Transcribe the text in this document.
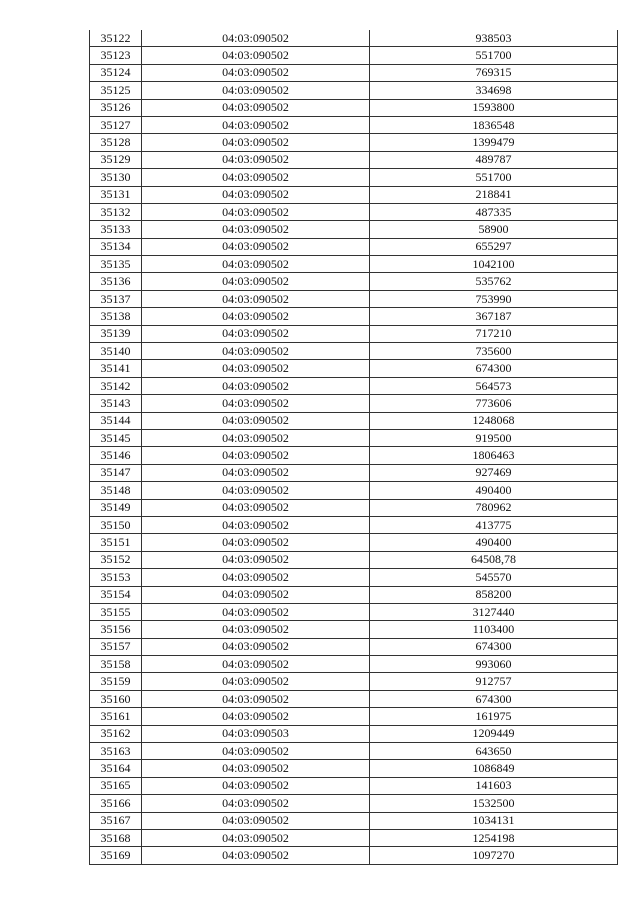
35122	04:03:090502	938503
35123	04:03:090502	551700
35124	04:03:090502	769315
35125	04:03:090502	334698
35126	04:03:090502	1593800
35127	04:03:090502	1836548
35128	04:03:090502	1399479
35129	04:03:090502	489787
35130	04:03:090502	551700
35131	04:03:090502	218841
35132	04:03:090502	487335
35133	04:03:090502	58900
35134	04:03:090502	655297
35135	04:03:090502	1042100
35136	04:03:090502	535762
35137	04:03:090502	753990
35138	04:03:090502	367187
35139	04:03:090502	717210
35140	04:03:090502	735600
35141	04:03:090502	674300
35142	04:03:090502	564573
35143	04:03:090502	773606
35144	04:03:090502	1248068
35145	04:03:090502	919500
35146	04:03:090502	1806463
35147	04:03:090502	927469
35148	04:03:090502	490400
35149	04:03:090502	780962
35150	04:03:090502	413775
35151	04:03:090502	490400
35152	04:03:090502	64508,78
35153	04:03:090502	545570
35154	04:03:090502	858200
35155	04:03:090502	3127440
35156	04:03:090502	1103400
35157	04:03:090502	674300
35158	04:03:090502	993060
35159	04:03:090502	912757
35160	04:03:090502	674300
35161	04:03:090502	161975
35162	04:03:090503	1209449
35163	04:03:090502	643650
35164	04:03:090502	1086849
35165	04:03:090502	141603
35166	04:03:090502	1532500
35167	04:03:090502	1034131
35168	04:03:090502	1254198
35169	04:03:090502	1097270
